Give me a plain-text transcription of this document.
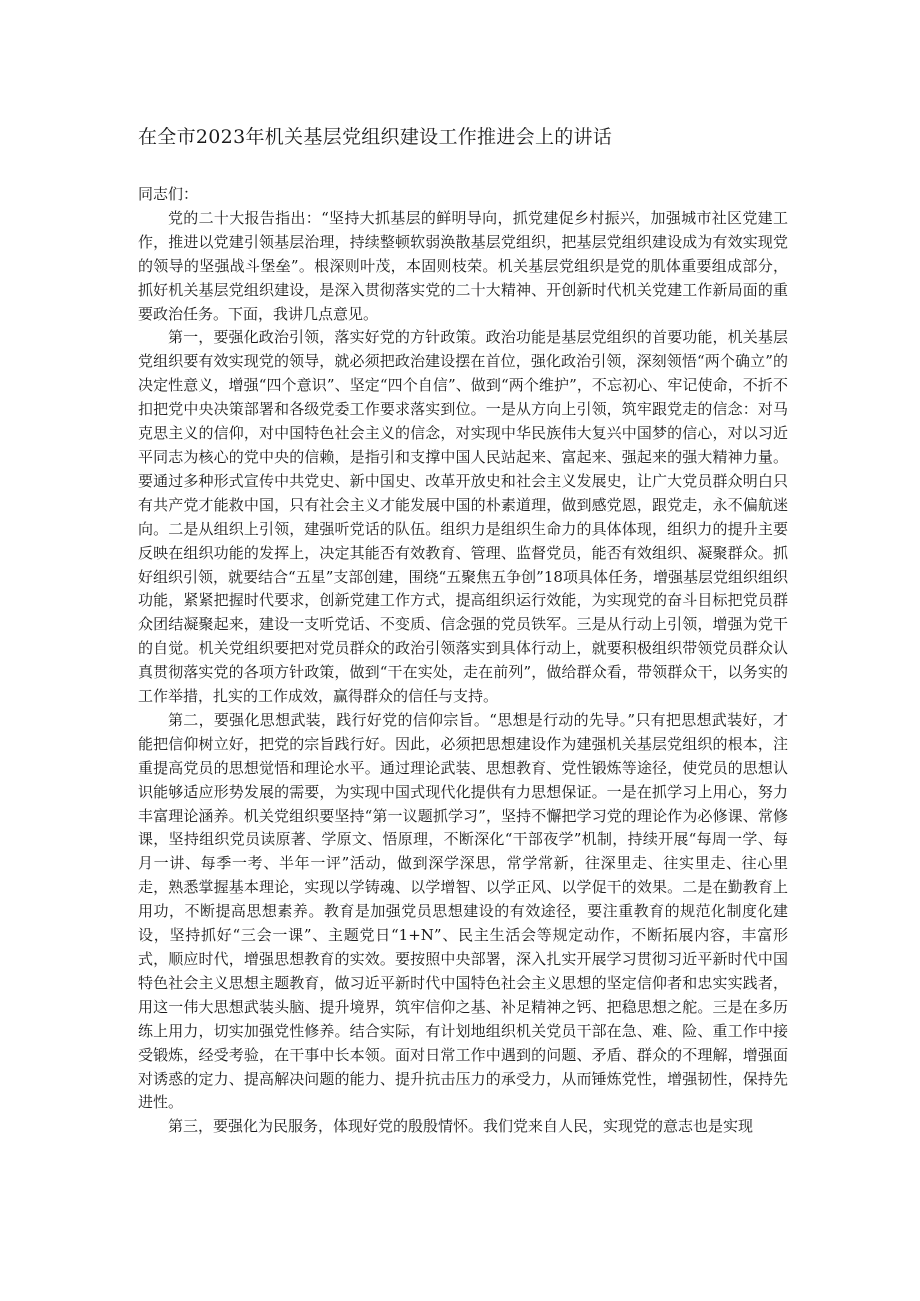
在全市2023年机关基层党组织建设工作推进会上的讲话

同志们：

党的二十大报告指出：“坚持大抓基层的鲜明导向，抓党建促乡村振兴，加强城市社区党建工作，推进以党建引领基层治理，持续整顿软弱涣散基层党组织，把基层党组织建设成为有效实现党的领导的坚强战斗堡垒”。根深则叶茂，本固则枝荣。机关基层党组织是党的肌体重要组成部分，抓好机关基层党组织建设，是深入贯彻落实党的二十大精神、开创新时代机关党建工作新局面的重要政治任务。下面，我讲几点意见。

第一，要强化政治引领，落实好党的方针政策。政治功能是基层党组织的首要功能，机关基层党组织要有效实现党的领导，就必须把政治建设摆在首位，强化政治引领，深刻领悟“两个确立”的决定性意义，增强“四个意识”、坚定“四个自信”、做到“两个维护”，不忘初心、牢记使命，不折不扣把党中央决策部署和各级党委工作要求落实到位。一是从方向上引领，筑牢跟党走的信念：对马克思主义的信仰，对中国特色社会主义的信念，对实现中华民族伟大复兴中国梦的信心，对以习近平同志为核心的党中央的信赖，是指引和支撑中国人民站起来、富起来、强起来的强大精神力量。要通过多种形式宣传中共党史、新中国史、改革开放史和社会主义发展史，让广大党员群众明白只有共产党才能救中国，只有社会主义才能发展中国的朴素道理，做到感党恩，跟党走，永不偏航迷向。二是从组织上引领，建强听党话的队伍。组织力是组织生命力的具体体现，组织力的提升主要反映在组织功能的发挥上，决定其能否有效教育、管理、监督党员，能否有效组织、凝聚群众。抓好组织引领，就要结合“五星”支部创建，围绕“五聚焦五争创”18项具体任务，增强基层党组织组织功能，紧紧把握时代要求，创新党建工作方式，提高组织运行效能，为实现党的奋斗目标把党员群众团结凝聚起来，建设一支听党话、不变质、信念强的党员铁军。三是从行动上引领，增强为党干的自觉。机关党组织要把对党员群众的政治引领落实到具体行动上，就要积极组织带领党员群众认真贯彻落实党的各项方针政策，做到“干在实处，走在前列”，做给群众看，带领群众干，以务实的工作举措，扎实的工作成效，赢得群众的信任与支持。

第二，要强化思想武装，践行好党的信仰宗旨。“思想是行动的先导。”只有把思想武装好，才能把信仰树立好，把党的宗旨践行好。因此，必须把思想建设作为建强机关基层党组织的根本，注重提高党员的思想觉悟和理论水平。通过理论武装、思想教育、党性锻炼等途径，使党员的思想认识能够适应形势发展的需要，为实现中国式现代化提供有力思想保证。一是在抓学习上用心，努力丰富理论涵养。机关党组织要坚持“第一议题抓学习”，坚持不懈把学习党的理论作为必修课、常修课，坚持组织党员读原著、学原文、悟原理，不断深化“干部夜学”机制，持续开展“每周一学、每月一讲、每季一考、半年一评”活动，做到深学深思，常学常新，往深里走、往实里走、往心里走，熟悉掌握基本理论，实现以学铸魂、以学增智、以学正风、以学促干的效果。二是在勤教育上用功，不断提高思想素养。教育是加强党员思想建设的有效途径，要注重教育的规范化制度化建设，坚持抓好“三会一课”、主题党日“1+N”、民主生活会等规定动作，不断拓展内容，丰富形式，顺应时代，增强思想教育的实效。要按照中央部署，深入扎实开展学习贯彻习近平新时代中国特色社会主义思想主题教育，做习近平新时代中国特色社会主义思想的坚定信仰者和忠实实践者，用这一伟大思想武装头脑、提升境界，筑牢信仰之基、补足精神之钙、把稳思想之舵。三是在多历练上用力，切实加强党性修养。结合实际，有计划地组织机关党员干部在急、难、险、重工作中接受锻炼，经受考验，在干事中长本领。面对日常工作中遇到的问题、矛盾、群众的不理解，增强面对诱惑的定力、提高解决问题的能力、提升抗击压力的承受力，从而锤炼党性，增强韧性，保持先进性。

第三，要强化为民服务，体现好党的殷殷情怀。我们党来自人民，实现党的意志也是实现
